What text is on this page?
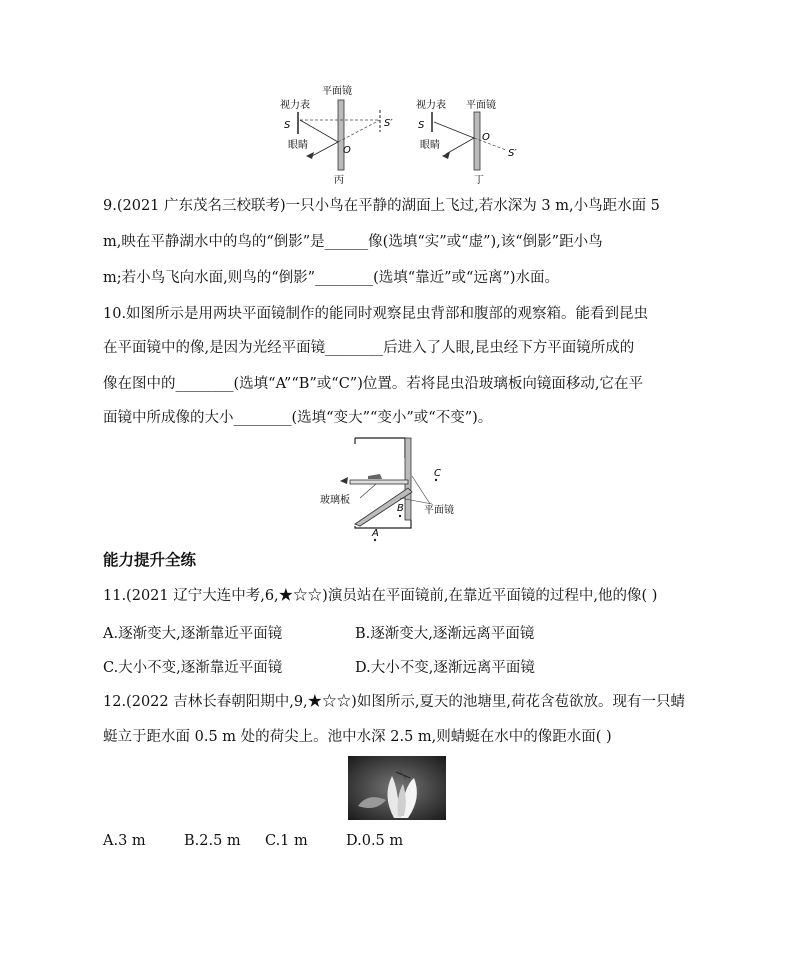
平面镜
视力表
S	S′
眼睛	O
丙
视力表 平面镜
S
S′
眼睛
O
丁
9.(2021 广东茂名三校联考)一只小鸟在平静的湖面上飞过,若水深为 3 m,小鸟距水面 5
m,映在平静湖水中的鸟的“倒影”是______像(选填“实”或“虚”),该“倒影”距小鸟
m;若小鸟飞向水面,则鸟的“倒影”________(选填“靠近”或“远离”)水面。
10.如图所示是用两块平面镜制作的能同时观察昆虫背部和腹部的观察箱。能看到昆虫
在平面镜中的像,是因为光经平面镜________后进入了人眼,昆虫经下方平面镜所成的
像在图中的________(选填“A”“B”或“C”)位置。若将昆虫沿玻璃板向镜面移动,它在平
面镜中所成像的大小________(选填“变大”“变小”或“不变”)。
玻璃板
平面镜
B
C
A
能力提升全练
11.(2021 辽宁大连中考,6,★☆☆)演员站在平面镜前,在靠近平面镜的过程中,他的像( )
A.逐渐变大,逐渐靠近平面镜	B.逐渐变大,逐渐远离平面镜
C.大小不变,逐渐靠近平面镜	D.大小不变,逐渐远离平面镜
12.(2022 吉林长春朝阳期中,9,★☆☆)如图所示,夏天的池塘里,荷花含苞欲放。现有一只蜻
蜓立于距水面 0.5 m 处的荷尖上。池中水深 2.5 m,则蜻蜓在水中的像距水面( )
A.3 m	B.2.5 m C.1 m	D.0.5 m
